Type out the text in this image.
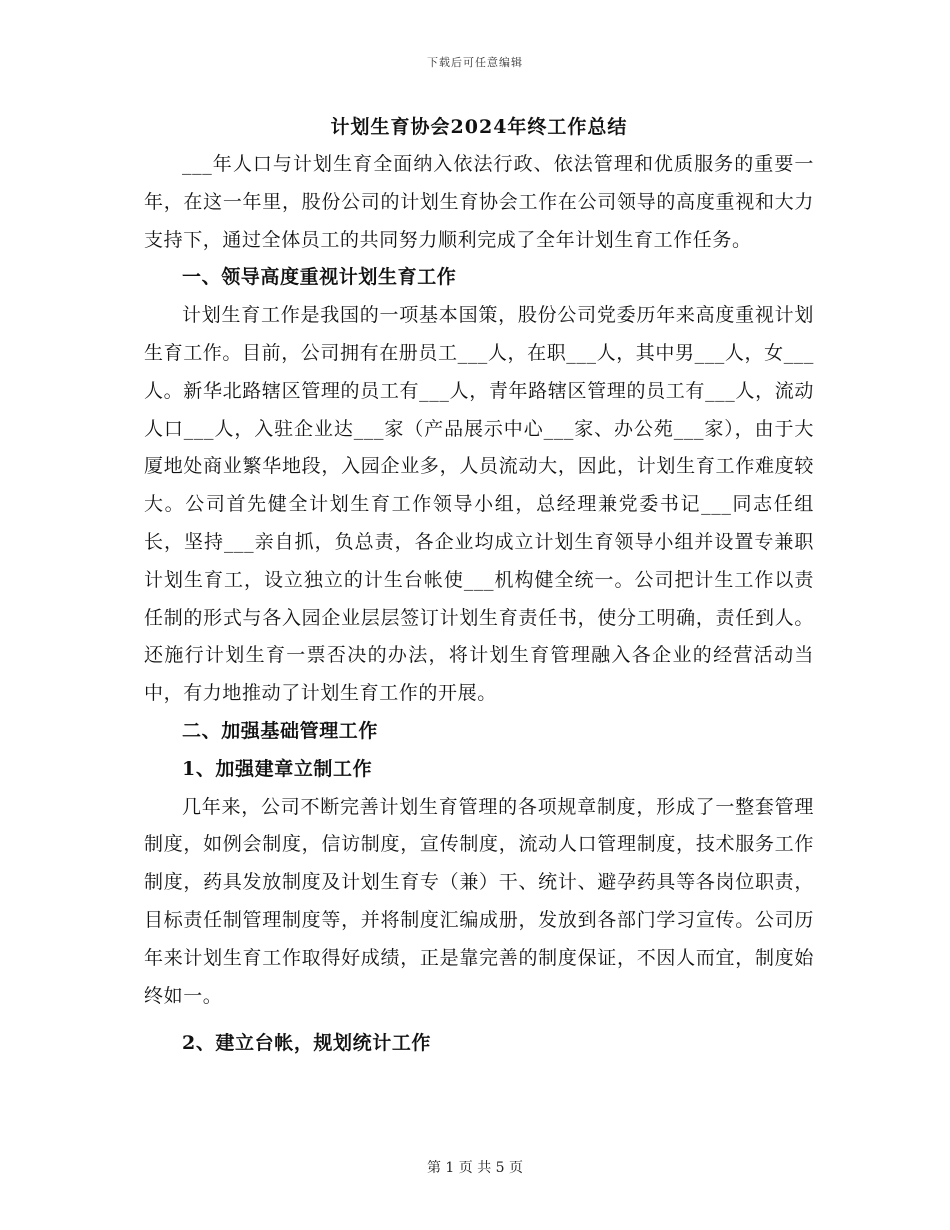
下载后可任意编辑
计划生育协会2024年终工作总结

___年人口与计划生育全面纳入依法行政、依法管理和优质服务的重要一年，在这一年里，股份公司的计划生育协会工作在公司领导的高度重视和大力支持下，通过全体员工的共同努力顺利完成了全年计划生育工作任务。

一、领导高度重视计划生育工作

计划生育工作是我国的一项基本国策，股份公司党委历年来高度重视计划生育工作。目前，公司拥有在册员工___人，在职___人，其中男___人，女___人。新华北路辖区管理的员工有___人，青年路辖区管理的员工有___人，流动人口___人，入驻企业达___家（产品展示中心___家、办公苑___家），由于大厦地处商业繁华地段，入园企业多，人员流动大，因此，计划生育工作难度较大。公司首先健全计划生育工作领导小组，总经理兼党委书记___同志任组长，坚持___亲自抓，负总责，各企业均成立计划生育领导小组并设置专兼职计划生育工，设立独立的计生台帐使___机构健全统一。公司把计生工作以责任制的形式与各入园企业层层签订计划生育责任书，使分工明确，责任到人。还施行计划生育一票否决的办法，将计划生育管理融入各企业的经营活动当中，有力地推动了计划生育工作的开展。

二、加强基础管理工作

1、加强建章立制工作

几年来，公司不断完善计划生育管理的各项规章制度，形成了一整套管理制度，如例会制度，信访制度，宣传制度，流动人口管理制度，技术服务工作制度，药具发放制度及计划生育专（兼）干、统计、避孕药具等各岗位职责，目标责任制管理制度等，并将制度汇编成册，发放到各部门学习宣传。公司历年来计划生育工作取得好成绩，正是靠完善的制度保证，不因人而宜，制度始终如一。

2、建立台帐，规划统计工作

第 1 页 共 5 页
